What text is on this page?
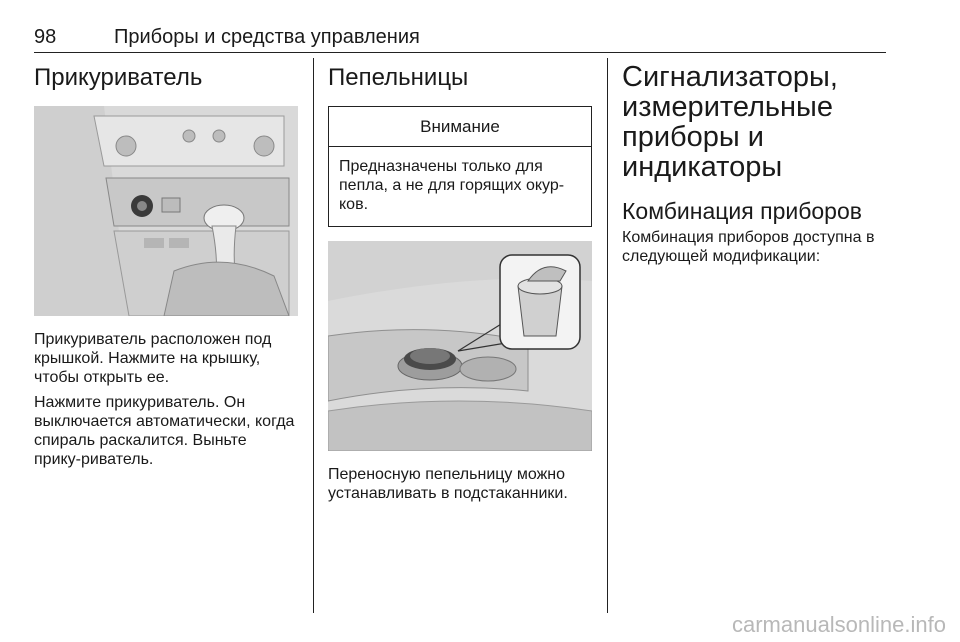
98	Приборы и средства управления
Прикуриватель

Прикуриватель расположен под крышкой. Нажмите на крышку, чтобы открыть ее.

Нажмите прикуриватель. Он выключается автоматически, когда спираль раскалится. Выньте прику-риватель.

Пепельницы
Внимание
Предназначены только для пепла, а не для горящих окур-ков.

Переносную пепельницу можно устанавливать в подстаканники.

Сигнализаторы, измерительные приборы и индикаторы
Комбинация приборов

Комбинация приборов доступна в следующей модификации:

carmanualsonline.info
